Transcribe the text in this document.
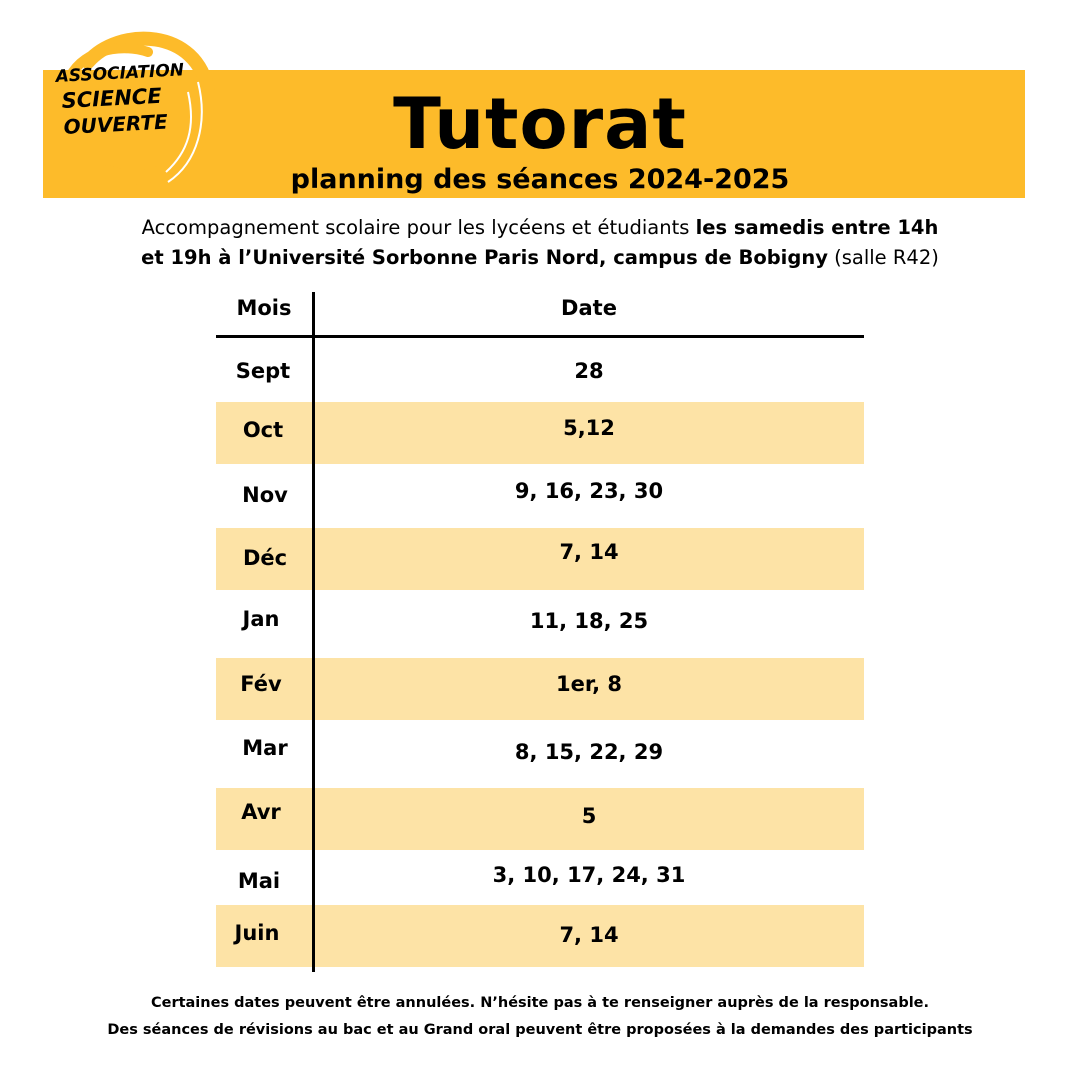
ASSOCIATION
SCIENCE
OUVERTE	Tutorat
planning des séances 2024-2025
Accompagnement scolaire pour les lycéens et étudiants les samedis entre 14h
et 19h à l’Université Sorbonne Paris Nord, campus de Bobigny (salle R42)
Mois	Date
Sept	28
Oct	5,12
Nov	9, 16, 23, 30
Déc	7, 14
Jan	11, 18, 25
Fév	1er, 8
Mar	8, 15, 22, 29
Avr	5
Mai	3, 10, 17, 24, 31
Juin	7, 14
Certaines dates peuvent être annulées. N’hésite pas à te renseigner auprès de la responsable.
Des séances de révisions au bac et au Grand oral peuvent être proposées à la demandes des participants
